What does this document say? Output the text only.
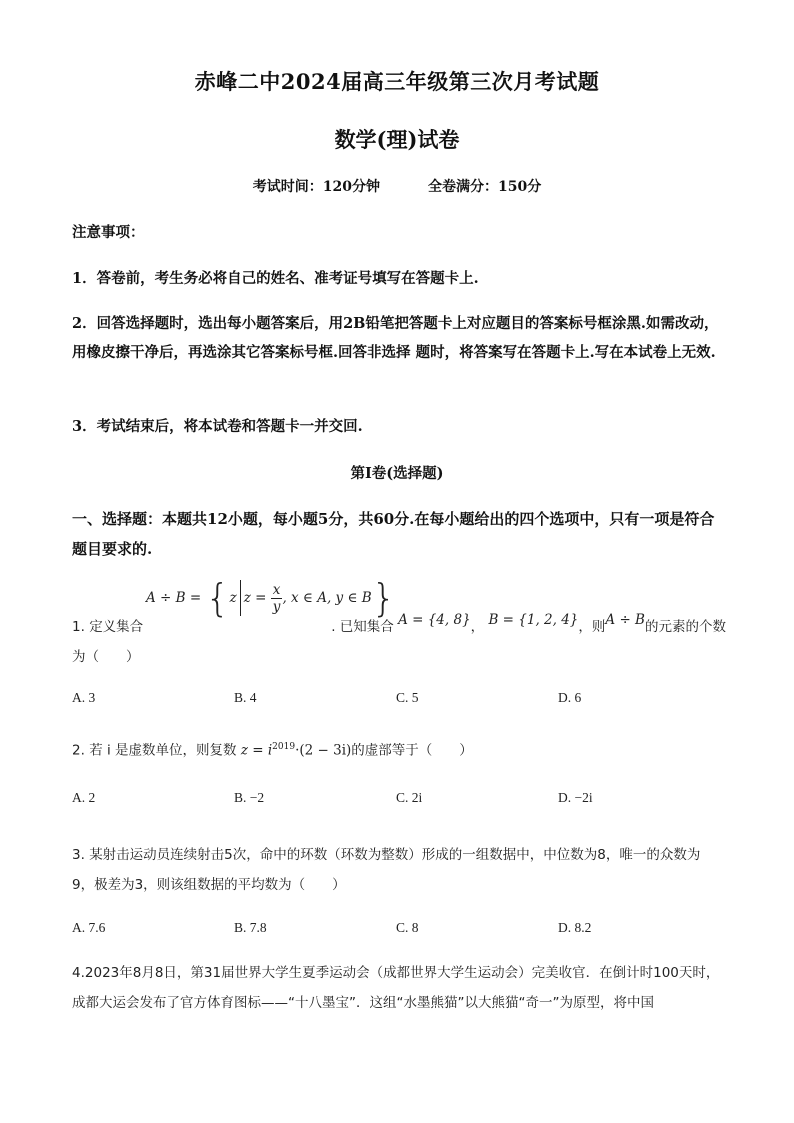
赤峰二中2024届高三年级第三次月考试题
数学(理)试卷
考试时间：120分钟	全卷满分：150分
注意事项：
1．答卷前，考生务必将自己的姓名、准考证号填写在答题卡上.
2．回答选择题时，选出每小题答案后，用2B铅笔把答题卡上对应题目的答案标号框涂黑.如需改动，用橡皮擦干净后，再选涂其它答案标号框.回答非选择 题时，将答案写在答题卡上.写在本试卷上无效.
3．考试结束后，将本试卷和答题卡一并交回.
第Ⅰ卷(选择题)
一、选择题：本题共12小题，每小题5分，共60分.在每小题给出的四个选项中，只有一项是符合题目要求的.
A ÷ B = {z $z = \frac{x}{y}$ , x ∈ A, y ∈ B}
1. 定义集合	. 已知集合 A = {4, 8}， B = {1, 2, 4}，则A ÷ B的元素的个数为（　　）
A. 3	B. 4	C. 5	D. 6
2. 若 i 是虚数单位，则复数 $z = i^{2019}\cdot(2 - 3i)$的虚部等于（　　）
A. 2	B. −2	C. 2i	D. −2i
3. 某射击运动员连续射击5次，命中的环数（环数为整数）形成的一组数据中，中位数为8，唯一的众数为9，极差为3，则该组数据的平均数为（　　）
A. 7.6	B. 7.8	C. 8	D. 8.2
4.2023年8月8日，第31届世界大学生夏季运动会（成都世界大学生运动会）完美收官．在倒计时100天时，成都大运会发布了官方体育图标——“十八墨宝”．这组“水墨熊猫”以大熊猫“奇一”为原型，将中国
